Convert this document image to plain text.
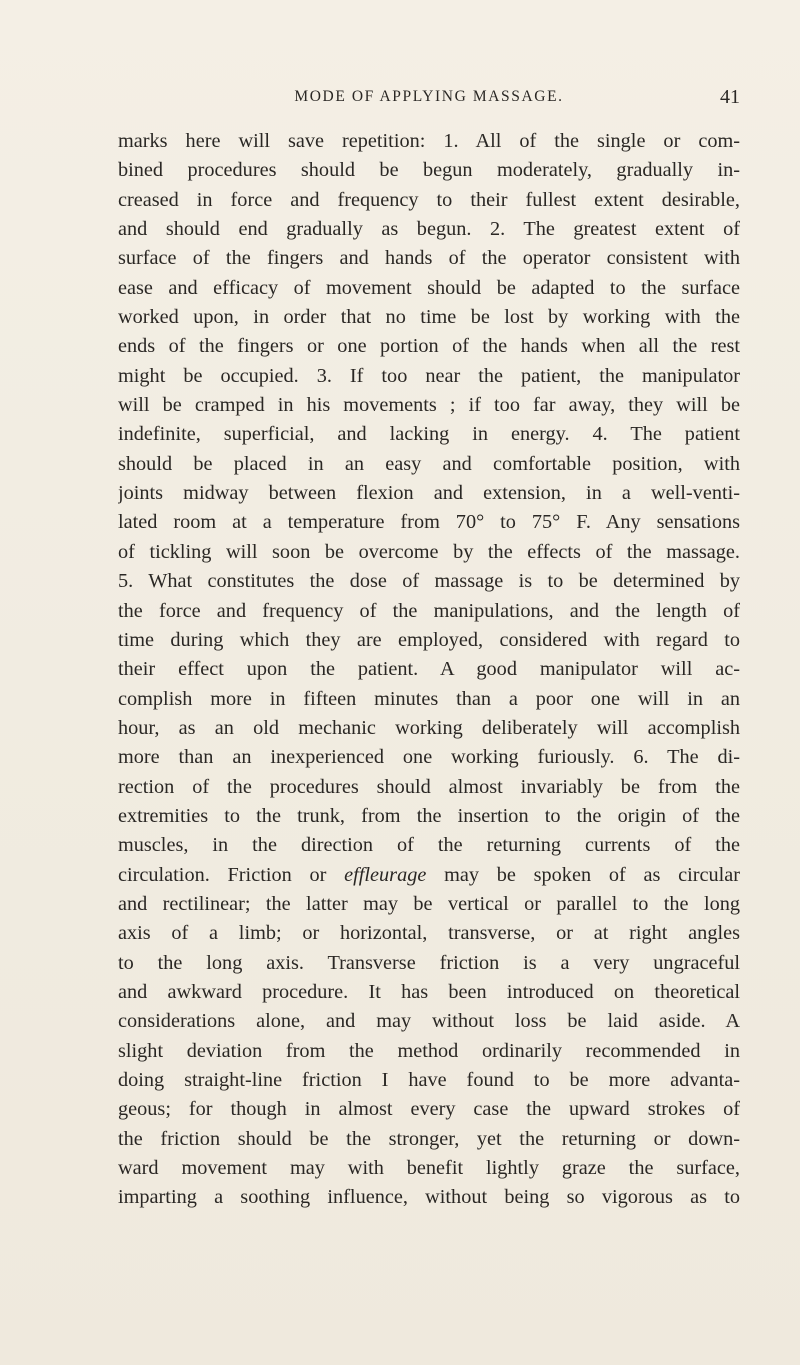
MODE OF APPLYING MASSAGE.	41
marks here will save repetition: 1. All of the single or com-
bined procedures should be begun moderately, gradually in-
creased in force and frequency to their fullest extent desirable,
and should end gradually as begun. 2. The greatest extent of
surface of the fingers and hands of the operator consistent with
ease and efficacy of movement should be adapted to the surface
worked upon, in order that no time be lost by working with the
ends of the fingers or one portion of the hands when all the rest
might be occupied. 3. If too near the patient, the manipulator
will be cramped in his movements ; if too far away, they will be
indefinite, superficial, and lacking in energy. 4. The patient
should be placed in an easy and comfortable position, with
joints midway between flexion and extension, in a well-venti-
lated room at a temperature from 70° to 75° F. Any sensations
of tickling will soon be overcome by the effects of the massage.
5. What constitutes the dose of massage is to be determined by
the force and frequency of the manipulations, and the length of
time during which they are employed, considered with regard to
their effect upon the patient. A good manipulator will ac-
complish more in fifteen minutes than a poor one will in an
hour, as an old mechanic working deliberately will accomplish
more than an inexperienced one working furiously. 6. The di-
rection of the procedures should almost invariably be from the
extremities to the trunk, from the insertion to the origin of the
muscles, in the direction of the returning currents of the
circulation. Friction or effleurage may be spoken of as circular
and rectilinear; the latter may be vertical or parallel to the long
axis of a limb; or horizontal, transverse, or at right angles
to the long axis. Transverse friction is a very ungraceful
and awkward procedure. It has been introduced on theoretical
considerations alone, and may without loss be laid aside. A
slight deviation from the method ordinarily recommended in
doing straight-line friction I have found to be more advanta-
geous; for though in almost every case the upward strokes of
the friction should be the stronger, yet the returning or down-
ward movement may with benefit lightly graze the surface,
imparting a soothing influence, without being so vigorous as to
